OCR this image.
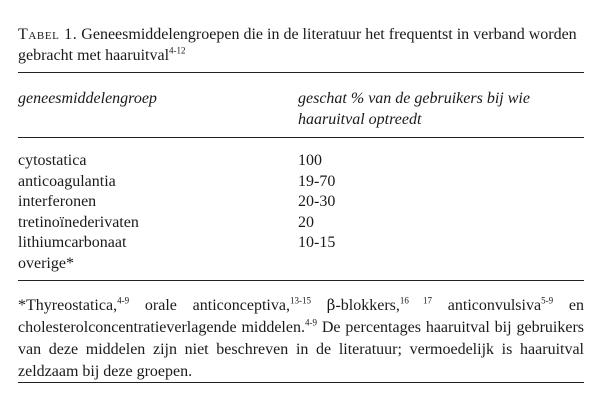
Tabel 1. Geneesmiddelengroepen die in de literatuur het frequentst in verband worden gebracht met haaruitval$^{4-12}$
geneesmiddelengroep	geschat % van de gebruikers bij wie haaruitval optreedt
cytostatica	100
anticoagulantia	19-70
interferonen	20-30
tretinoïnederivaten	20
lithiumcarbonaat	10-15
overige*
*Thyreostatica,$^{4-9}$ orale anticonceptiva,$^{13-15}$ β-blokkers,$^{16 17}$ anticonvulsiva$^{5-9}$ en cholesterolconcentratieverlagende middelen.$^{4-9}$ De percentages haaruitval bij gebruikers van deze middelen zijn niet beschreven in de literatuur; vermoedelijk is haaruitval zeldzaam bij deze groepen.
